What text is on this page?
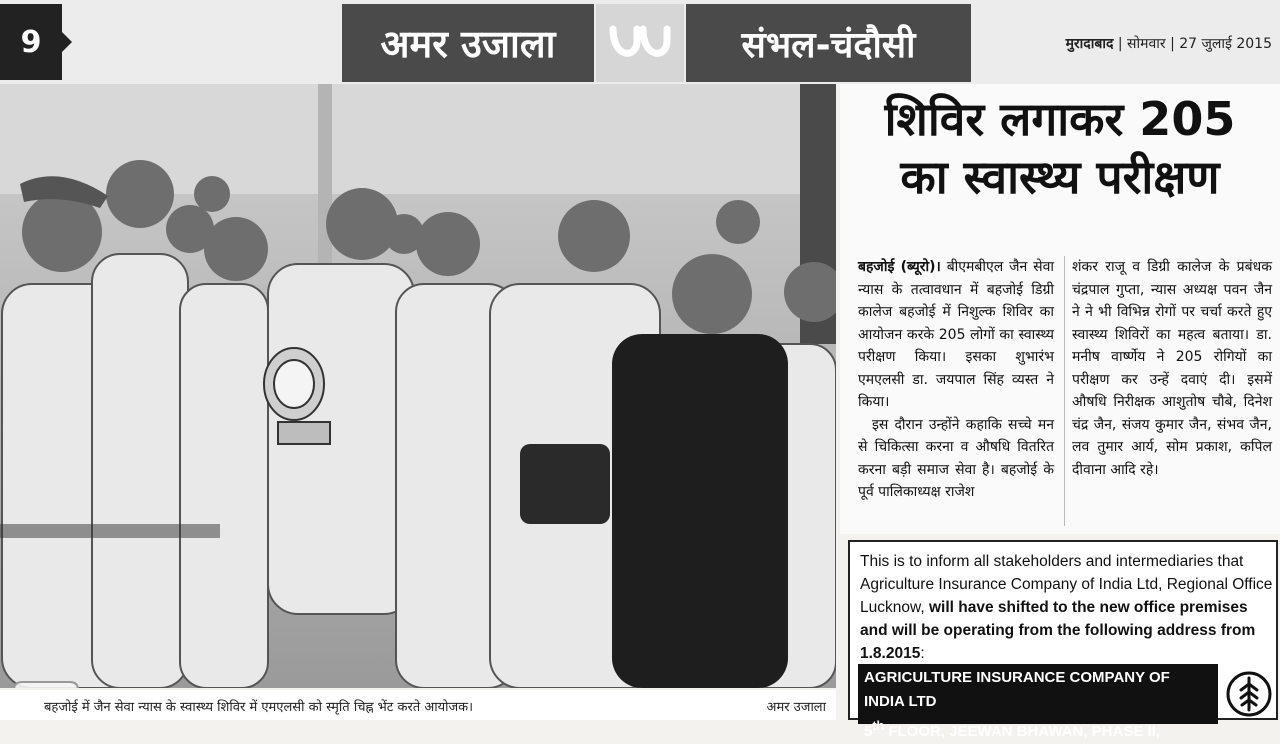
9	अमर उजाला	संभल-चंदौसी	मुरादाबाद | सोमवार | 27 जुलाई 2015
बहजोई में जैन सेवा न्यास के स्वास्थ्य शिविर में एमएलसी को स्मृति चिह्न भेंट करते आयोजक।	अमर उजाला
शिविर लगाकर 205
का स्वास्थ्य परीक्षण

बहजोई (ब्यूरो)। बीएमबीएल जैन सेवा न्यास के तत्वावधान में बहजोई डिग्री कालेज बहजोई में निशुल्क शिविर का आयोजन करके 205 लोगों का स्वास्थ्य परीक्षण किया। इसका शुभारंभ एमएलसी डा. जयपाल सिंह व्यस्त ने किया।

इस दौरान उन्होंने कहाकि सच्चे मन से चिकित्सा करना व औषधि वितरित करना बड़ी समाज सेवा है। बहजोई के पूर्व पालिकाध्यक्ष राजेश

शंकर राजू व डिग्री कालेज के प्रबंधक चंद्रपाल गुप्ता, न्यास अध्यक्ष पवन जैन ने ने भी विभिन्न रोगों पर चर्चा करते हुए स्वास्थ्य शिविरों का महत्व बताया। डा. मनीष वार्ष्णेय ने 205 रोगियों का परीक्षण कर उन्हें दवाएं दी। इसमें औषधि निरीक्षक आशुतोष चौबे, दिनेश चंद्र जैन, संजय कुमार जैन, संभव जैन, लव तुमार आर्य, सोम प्रकाश, कपिल दीवाना आदि रहे।

This is to inform all stakeholders and intermediaries that Agriculture Insurance Company of India Ltd, Regional Office Lucknow, will have shifted to the new office premises and will be operating from the following address from 1.8.2015:
AGRICULTURE INSURANCE COMPANY OF INDIA LTD
5th FLOOR, JEEWAN BHAWAN, PHASE II,
